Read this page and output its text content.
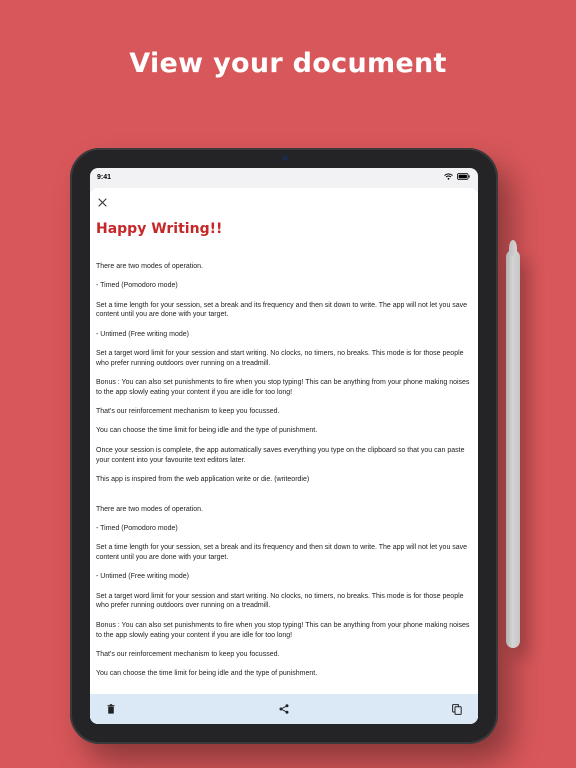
View your document
9:41
Happy Writing!!

There are two modes of operation.

- Timed (Pomodoro mode)

Set a time length for your session, set a break and its frequency and then sit down to write. The app will not let you save content until you are done with your target.

- Untimed (Free writing mode)

Set a target word limit for your session and start writing. No clocks, no timers, no breaks. This mode is for those people who prefer running outdoors over running on a treadmill.

Bonus : You can also set punishments to fire when you stop typing! This can be anything from your phone making noises to the app slowly eating your content if you are idle for too long!

That's our reinforcement mechanism to keep you focussed.

You can choose the time limit for being idle and the type of punishment.

Once your session is complete, the app automatically saves everything you type on the clipboard so that you can paste your content into your favourite text editors later.

This app is inspired from the web application write or die. (writeordie)

There are two modes of operation.

- Timed (Pomodoro mode)

Set a time length for your session, set a break and its frequency and then sit down to write. The app will not let you save content until you are done with your target.

- Untimed (Free writing mode)

Set a target word limit for your session and start writing. No clocks, no timers, no breaks. This mode is for those people who prefer running outdoors over running on a treadmill.

Bonus : You can also set punishments to fire when you stop typing! This can be anything from your phone making noises to the app slowly eating your content if you are idle for too long!

That's our reinforcement mechanism to keep you focussed.

You can choose the time limit for being idle and the type of punishment.
